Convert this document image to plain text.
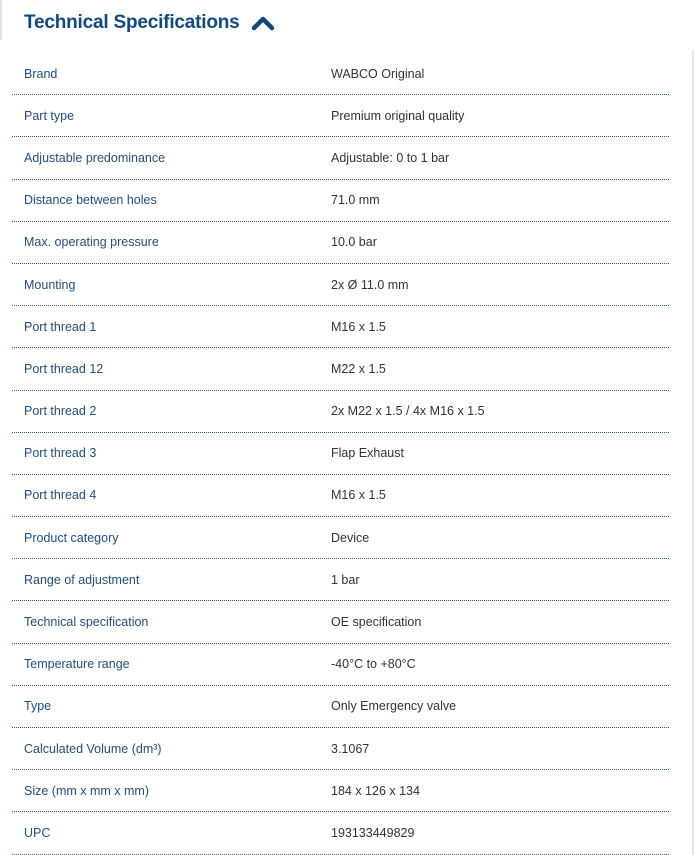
Technical Specifications
Brand	WABCO Original
Part type	Premium original quality
Adjustable predominance	Adjustable: 0 to 1 bar
Distance between holes	71.0 mm
Max. operating pressure	10.0 bar
Mounting	2x Ø 11.0 mm
Port thread 1	M16 x 1.5
Port thread 12	M22 x 1.5
Port thread 2	2x M22 x 1.5 / 4x M16 x 1.5
Port thread 3	Flap Exhaust
Port thread 4	M16 x 1.5
Product category	Device
Range of adjustment	1 bar
Technical specification	OE specification
Temperature range	-40°C to +80°C
Type	Only Emergency valve
Calculated Volume (dm³)	3.1067
Size (mm x mm x mm)	184 x 126 x 134
UPC	193133449829
